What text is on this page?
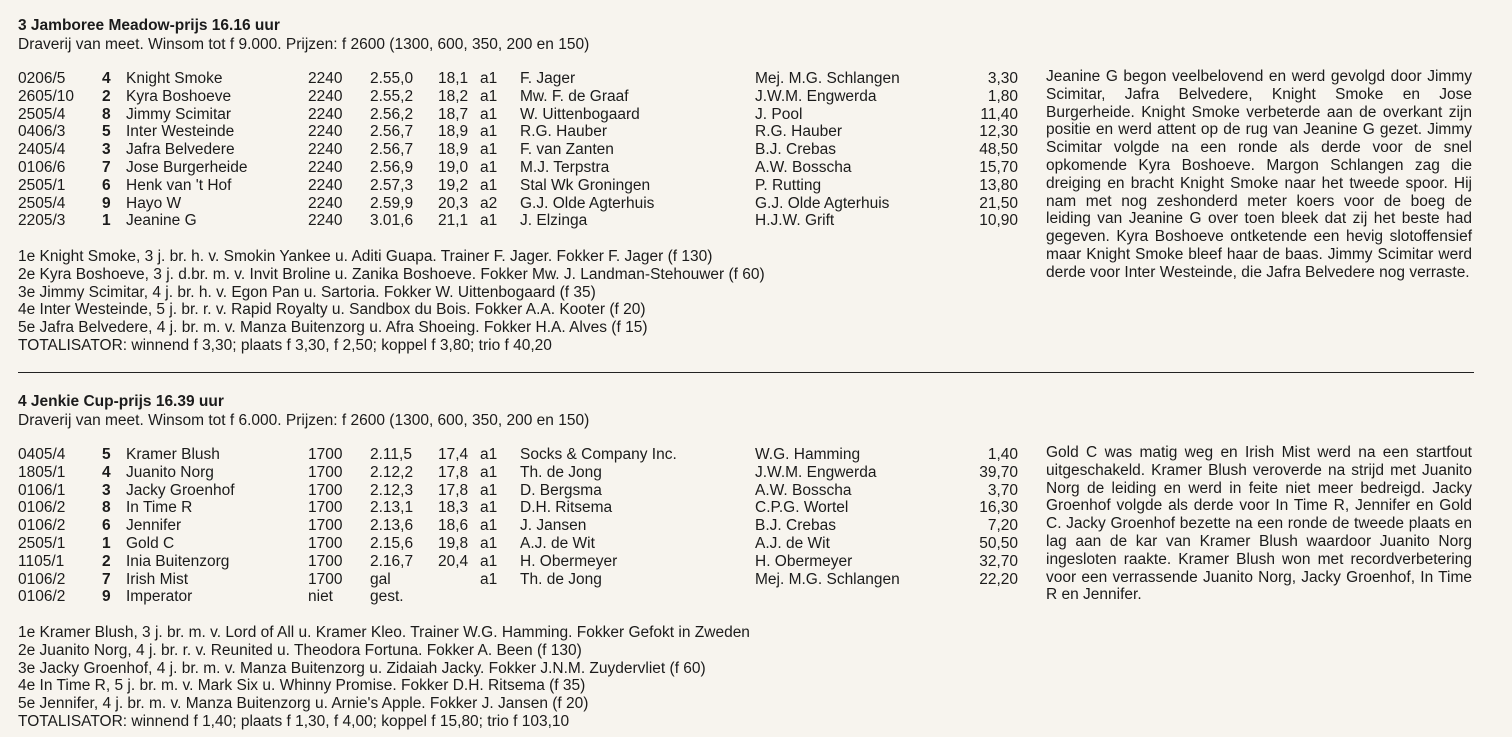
3 Jamboree Meadow-prijs 16.16 uur
Draverij van meet. Winsom tot f 9.000. Prijzen: f 2600 (1300, 600, 350, 200 en 150)
0206/5 4 Knight Smoke	2240 2.55,0 18,1 a1 F. Jager	Mej. M.G. Schlangen	3,30
2605/10 2 Kyra Boshoeve	2240 2.55,2 18,2 a1 Mw. F. de Graaf	J.W.M. Engwerda	1,80
2505/4 8 Jimmy Scimitar	2240 2.56,2 18,7 a1 W. Uittenbogaard	J. Pool	11,40
0406/3 5 Inter Westeinde	2240 2.56,7 18,9 a1 R.G. Hauber	R.G. Hauber	12,30
2405/4 3 Jafra Belvedere	2240 2.56,7 18,9 a1 F. van Zanten	B.J. Crebas	48,50
0106/6 7 Jose Burgerheide	2240 2.56,9 19,0 a1 M.J. Terpstra	A.W. Bosscha	15,70
2505/1 6 Henk van 't Hof	2240 2.57,3 19,2 a1 Stal Wk Groningen	P. Rutting	13,80
2505/4 9 Hayo W	2240 2.59,9 20,3 a2 G.J. Olde Agterhuis	G.J. Olde Agterhuis	21,50
2205/3 1 Jeanine G	2240 3.01,6 21,1 a1 J. Elzinga	H.J.W. Grift	10,90
1e Knight Smoke, 3 j. br. h. v. Smokin Yankee u. Aditi Guapa. Trainer F. Jager. Fokker F. Jager (f 130)
2e Kyra Boshoeve, 3 j. d.br. m. v. Invit Broline u. Zanika Boshoeve. Fokker Mw. J. Landman-Stehouwer (f 60)
3e Jimmy Scimitar, 4 j. br. h. v. Egon Pan u. Sartoria. Fokker W. Uittenbogaard (f 35)
4e Inter Westeinde, 5 j. br. r. v. Rapid Royalty u. Sandbox du Bois. Fokker A.A. Kooter (f 20)
5e Jafra Belvedere, 4 j. br. m. v. Manza Buitenzorg u. Afra Shoeing. Fokker H.A. Alves (f 15)
TOTALISATOR: winnend f 3,30; plaats f 3,30, f 2,50; koppel f 3,80; trio f 40,20
Jeanine G begon veelbelovend en werd gevolgd door Jimmy Scimitar, Jafra Belvedere, Knight Smoke en Jose Burgerheide. Knight Smoke verbeterde aan de overkant zijn positie en werd attent op de rug van Jeanine G gezet. Jimmy Scimitar volgde na een ronde als derde voor de snel opkomende Kyra Boshoeve. Margon Schlangen zag die dreiging en bracht Knight Smoke naar het tweede spoor. Hij nam met nog zeshonderd meter koers voor de boeg de leiding van Jeanine G over toen bleek dat zij het beste had gegeven. Kyra Boshoeve ontketende een hevig slotoffensief maar Knight Smoke bleef haar de baas. Jimmy Scimitar werd derde voor Inter Westeinde, die Jafra Belvedere nog verraste.
4 Jenkie Cup-prijs 16.39 uur
Draverij van meet. Winsom tot f 6.000. Prijzen: f 2600 (1300, 600, 350, 200 en 150)
0405/4 5 Kramer Blush	1700 2.11,5 17,4 a1 Socks & Company Inc.	W.G. Hamming	1,40
1805/1 4 Juanito Norg	1700 2.12,2 17,8 a1 Th. de Jong	J.W.M. Engwerda	39,70
0106/1 3 Jacky Groenhof	1700 2.12,3 17,8 a1 D. Bergsma	A.W. Bosscha	3,70
0106/2 8 In Time R	1700 2.13,1 18,3 a1 D.H. Ritsema	C.P.G. Wortel	16,30
0106/2 6 Jennifer	1700 2.13,6 18,6 a1 J. Jansen	B.J. Crebas	7,20
2505/1 1 Gold C	1700 2.15,6 19,8 a1 A.J. de Wit	A.J. de Wit	50,50
1105/1 2 Inia Buitenzorg	1700 2.16,7 20,4 a1 H. Obermeyer	H. Obermeyer	32,70
0106/2 7 Irish Mist	1700 gal	a1 Th. de Jong	Mej. M.G. Schlangen	22,20
0106/2 9 Imperator	niet gest.
1e Kramer Blush, 3 j. br. m. v. Lord of All u. Kramer Kleo. Trainer W.G. Hamming. Fokker Gefokt in Zweden
2e Juanito Norg, 4 j. br. r. v. Reunited u. Theodora Fortuna. Fokker A. Been (f 130)
3e Jacky Groenhof, 4 j. br. m. v. Manza Buitenzorg u. Zidaiah Jacky. Fokker J.N.M. Zuydervliet (f 60)
4e In Time R, 5 j. br. m. v. Mark Six u. Whinny Promise. Fokker D.H. Ritsema (f 35)
5e Jennifer, 4 j. br. m. v. Manza Buitenzorg u. Arnie's Apple. Fokker J. Jansen (f 20)
TOTALISATOR: winnend f 1,40; plaats f 1,30, f 4,00; koppel f 15,80; trio f 103,10
Gold C was matig weg en Irish Mist werd na een startfout uitgeschakeld. Kramer Blush veroverde na strijd met Juanito Norg de leiding en werd in feite niet meer bedreigd. Jacky Groenhof volgde als derde voor In Time R, Jennifer en Gold C. Jacky Groenhof bezette na een ronde de tweede plaats en lag aan de kar van Kramer Blush waardoor Juanito Norg ingesloten raakte. Kramer Blush won met recordverbetering voor een verrassende Juanito Norg, Jacky Groenhof, In Time R en Jennifer.
